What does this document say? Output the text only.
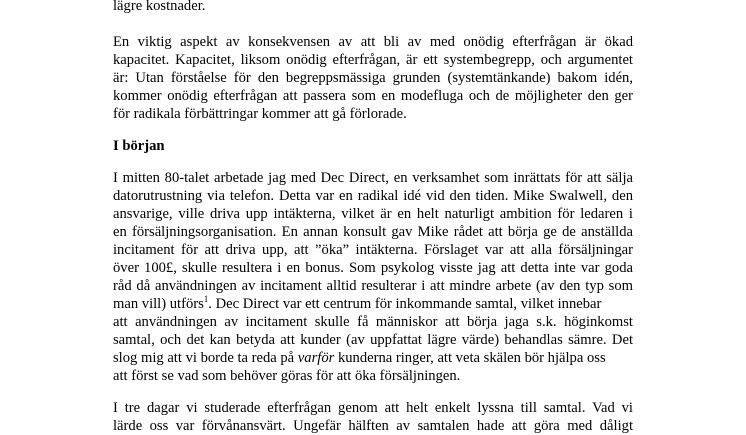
lägre kostnader.
En viktig aspekt av konsekvensen av att bli av med onödig efterfrågan är ökad
kapacitet. Kapacitet, liksom onödig efterfrågan, är ett systembegrepp, och argumentet
är: Utan förståelse för den begreppsmässiga grunden (systemtänkande) bakom idén,
kommer onödig efterfrågan att passera som en modefluga och de möjligheter den ger
för radikala förbättringar kommer att gå förlorade.
I början
I mitten 80-talet arbetade jag med Dec Direct, en verksamhet som inrättats för att sälja
datorutrustning via telefon. Detta var en radikal idé vid den tiden. Mike Swalwell, den
ansvarige, ville driva upp intäkterna, vilket är en helt naturligt ambition för ledaren i
en försäljningsorganisation. En annan konsult gav Mike rådet att börja ge de anställda
incitament för att driva upp, att ”öka” intäkterna. Förslaget var att alla försäljningar
över 100£, skulle resultera i en bonus. Som psykolog visste jag att detta inte var goda
råd då användningen av incitament alltid resulterar i att mindre arbete (av den typ som
man vill) utförs$^1$. Dec Direct var ett centrum för inkommande samtal, vilket innebar
att användningen av incitament skulle få människor att börja jaga s.k. höginkomst
samtal, och det kan betyda att kunder (av uppfattat lägre värde) behandlas sämre. Det
slog mig att vi borde ta reda på varför kunderna ringer, att veta skälen bör hjälpa oss
att först se vad som behöver göras för att öka försäljningen.
I tre dagar vi studerade efterfrågan genom att helt enkelt lyssna till samtal. Vad vi
lärde oss var förvånansvärt. Ungefär hälften av samtalen hade att göra med dåligt
